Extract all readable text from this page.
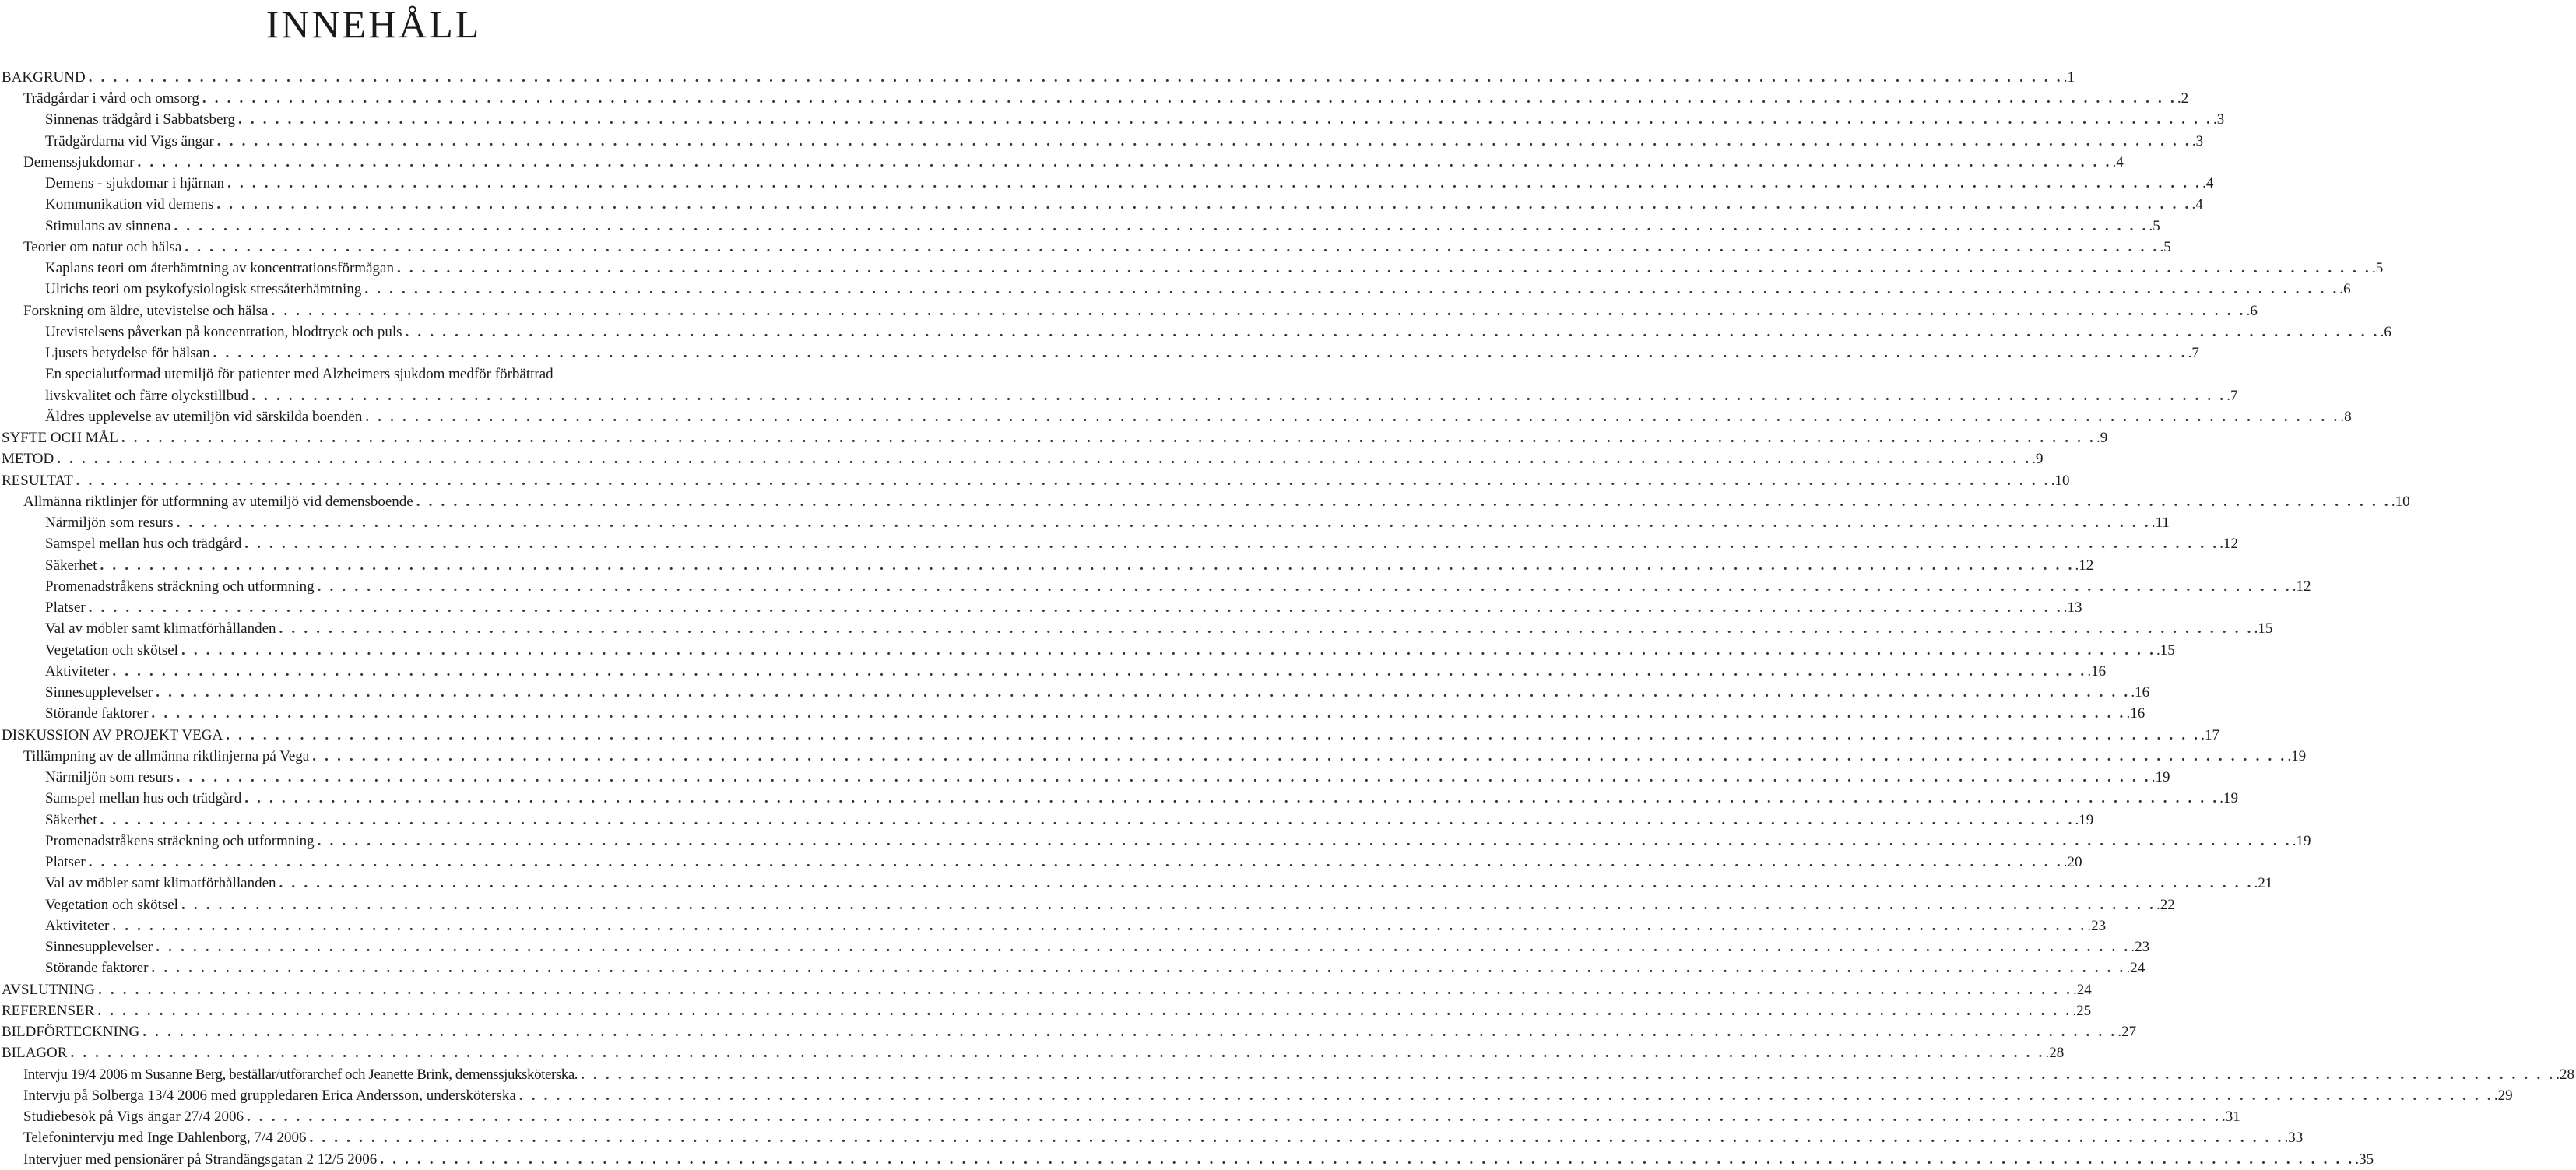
INNEHÅLL
BAKGRUND . . . . . . . . . . . . . . . . . . . . . . . . . . . . . . . . . . . . . . . . . . . . . . . . . . . . . . . . . . . . . . . . . . . . . . . . . . . . . . . . . . . . . . . . . . . . . . . . . . . . . . . . . . . . . . . . . . . . . . . . . . . . . . . . . . . . . . . . . . . . . . . . . . . . . . . . . . . . . . . . .1
Trädgårdar i vård och omsorg . . . . . . . . . . . . . . . . . . . . . . . . . . . . . . . . . . . . . . . . . . . . . . . . . . . . . . . . . . . . . . . . . . . . . . . . . . . . . . . . . . . . . . . . . . . . . . . . . . . . . . . . . . . . . . . . . . . . . . . . . . . . . . . . . . . . . . . . . . . . . . . . . . . . . . . . . . . . . . . . .2
Sinnenas trädgård i Sabbatsberg . . . . . . . . . . . . . . . . . . . . . . . . . . . . . . . . . . . . . . . . . . . . . . . . . . . . . . . . . . . . . . . . . . . . . . . . . . . . . . . . . . . . . . . . . . . . . . . . . . . . . . . . . . . . . . . . . . . . . . . . . . . . . . . . . . . . . . . . . . . . . . . . . . . . . . . . . . . . . . . . .3
Trädgårdarna vid Vigs ängar . . . . . . . . . . . . . . . . . . . . . . . . . . . . . . . . . . . . . . . . . . . . . . . . . . . . . . . . . . . . . . . . . . . . . . . . . . . . . . . . . . . . . . . . . . . . . . . . . . . . . . . . . . . . . . . . . . . . . . . . . . . . . . . . . . . . . . . . . . . . . . . . . . . . . . . . . . . . . . . . .3
Demenssjukdomar . . . . . . . . . . . . . . . . . . . . . . . . . . . . . . . . . . . . . . . . . . . . . . . . . . . . . . . . . . . . . . . . . . . . . . . . . . . . . . . . . . . . . . . . . . . . . . . . . . . . . . . . . . . . . . . . . . . . . . . . . . . . . . . . . . . . . . . . . . . . . . . . . . . . . . . . . . . . . . . . .4
Demens - sjukdomar i hjärnan . . . . . . . . . . . . . . . . . . . . . . . . . . . . . . . . . . . . . . . . . . . . . . . . . . . . . . . . . . . . . . . . . . . . . . . . . . . . . . . . . . . . . . . . . . . . . . . . . . . . . . . . . . . . . . . . . . . . . . . . . . . . . . . . . . . . . . . . . . . . . . . . . . . . . . . . . . . . . . . . .4
Kommunikation vid demens . . . . . . . . . . . . . . . . . . . . . . . . . . . . . . . . . . . . . . . . . . . . . . . . . . . . . . . . . . . . . . . . . . . . . . . . . . . . . . . . . . . . . . . . . . . . . . . . . . . . . . . . . . . . . . . . . . . . . . . . . . . . . . . . . . . . . . . . . . . . . . . . . . . . . . . . . . . . . . . . .4
Stimulans av sinnena . . . . . . . . . . . . . . . . . . . . . . . . . . . . . . . . . . . . . . . . . . . . . . . . . . . . . . . . . . . . . . . . . . . . . . . . . . . . . . . . . . . . . . . . . . . . . . . . . . . . . . . . . . . . . . . . . . . . . . . . . . . . . . . . . . . . . . . . . . . . . . . . . . . . . . . . . . . . . . . . .5
Teorier om natur och hälsa . . . . . . . . . . . . . . . . . . . . . . . . . . . . . . . . . . . . . . . . . . . . . . . . . . . . . . . . . . . . . . . . . . . . . . . . . . . . . . . . . . . . . . . . . . . . . . . . . . . . . . . . . . . . . . . . . . . . . . . . . . . . . . . . . . . . . . . . . . . . . . . . . . . . . . . . . . . . . . . . .5
Kaplans teori om återhämtning av koncentrationsförmågan . . . . . . . . . . . . . . . . . . . . . . . . . . . . . . . . . . . . . . . . . . . . . . . . . . . . . . . . . . . . . . . . . . . . . . . . . . . . . . . . . . . . . . . . . . . . . . . . . . . . . . . . . . . . . . . . . . . . . . . . . . . . . . . . . . . . . . . . . . . . . . . . . . . . . . . . . . . . . . . . .5
Ulrichs teori om psykofysiologisk stressåterhämtning . . . . . . . . . . . . . . . . . . . . . . . . . . . . . . . . . . . . . . . . . . . . . . . . . . . . . . . . . . . . . . . . . . . . . . . . . . . . . . . . . . . . . . . . . . . . . . . . . . . . . . . . . . . . . . . . . . . . . . . . . . . . . . . . . . . . . . . . . . . . . . . . . . . . . . . . . . . . . . . . .6
Forskning om äldre, utevistelse och hälsa . . . . . . . . . . . . . . . . . . . . . . . . . . . . . . . . . . . . . . . . . . . . . . . . . . . . . . . . . . . . . . . . . . . . . . . . . . . . . . . . . . . . . . . . . . . . . . . . . . . . . . . . . . . . . . . . . . . . . . . . . . . . . . . . . . . . . . . . . . . . . . . . . . . . . . . . . . . . . . . . .6
Utevistelsens påverkan på koncentration, blodtryck och puls . . . . . . . . . . . . . . . . . . . . . . . . . . . . . . . . . . . . . . . . . . . . . . . . . . . . . . . . . . . . . . . . . . . . . . . . . . . . . . . . . . . . . . . . . . . . . . . . . . . . . . . . . . . . . . . . . . . . . . . . . . . . . . . . . . . . . . . . . . . . . . . . . . . . . . . . . . . . . . . . .6
Ljusets betydelse för hälsan . . . . . . . . . . . . . . . . . . . . . . . . . . . . . . . . . . . . . . . . . . . . . . . . . . . . . . . . . . . . . . . . . . . . . . . . . . . . . . . . . . . . . . . . . . . . . . . . . . . . . . . . . . . . . . . . . . . . . . . . . . . . . . . . . . . . . . . . . . . . . . . . . . . . . . . . . . . . . . . . .7
En specialutformad utemiljö för patienter med Alzheimers sjukdom medför förbättrad
livskvalitet och färre olyckstillbud . . . . . . . . . . . . . . . . . . . . . . . . . . . . . . . . . . . . . . . . . . . . . . . . . . . . . . . . . . . . . . . . . . . . . . . . . . . . . . . . . . . . . . . . . . . . . . . . . . . . . . . . . . . . . . . . . . . . . . . . . . . . . . . . . . . . . . . . . . . . . . . . . . . . . . . . . . . . . . . . .7
Äldres upplevelse av utemiljön vid särskilda boenden . . . . . . . . . . . . . . . . . . . . . . . . . . . . . . . . . . . . . . . . . . . . . . . . . . . . . . . . . . . . . . . . . . . . . . . . . . . . . . . . . . . . . . . . . . . . . . . . . . . . . . . . . . . . . . . . . . . . . . . . . . . . . . . . . . . . . . . . . . . . . . . . . . . . . . . . . . . . . . . . .8
SYFTE OCH MÅL . . . . . . . . . . . . . . . . . . . . . . . . . . . . . . . . . . . . . . . . . . . . . . . . . . . . . . . . . . . . . . . . . . . . . . . . . . . . . . . . . . . . . . . . . . . . . . . . . . . . . . . . . . . . . . . . . . . . . . . . . . . . . . . . . . . . . . . . . . . . . . . . . . . . . . . . . . . . . . . . .9
METOD . . . . . . . . . . . . . . . . . . . . . . . . . . . . . . . . . . . . . . . . . . . . . . . . . . . . . . . . . . . . . . . . . . . . . . . . . . . . . . . . . . . . . . . . . . . . . . . . . . . . . . . . . . . . . . . . . . . . . . . . . . . . . . . . . . . . . . . . . . . . . . . . . . . . . . . . . . . . . . . . .9
RESULTAT . . . . . . . . . . . . . . . . . . . . . . . . . . . . . . . . . . . . . . . . . . . . . . . . . . . . . . . . . . . . . . . . . . . . . . . . . . . . . . . . . . . . . . . . . . . . . . . . . . . . . . . . . . . . . . . . . . . . . . . . . . . . . . . . . . . . . . . . . . . . . . . . . . . . . . . . . . . . . . . . .10
Allmänna riktlinjer för utformning av utemiljö vid demensboende . . . . . . . . . . . . . . . . . . . . . . . . . . . . . . . . . . . . . . . . . . . . . . . . . . . . . . . . . . . . . . . . . . . . . . . . . . . . . . . . . . . . . . . . . . . . . . . . . . . . . . . . . . . . . . . . . . . . . . . . . . . . . . . . . . . . . . . . . . . . . . . . . . . . . . . . . . . . . . . . .10
Närmiljön som resurs . . . . . . . . . . . . . . . . . . . . . . . . . . . . . . . . . . . . . . . . . . . . . . . . . . . . . . . . . . . . . . . . . . . . . . . . . . . . . . . . . . . . . . . . . . . . . . . . . . . . . . . . . . . . . . . . . . . . . . . . . . . . . . . . . . . . . . . . . . . . . . . . . . . . . . . . . . . . . . . . .11
Samspel mellan hus och trädgård . . . . . . . . . . . . . . . . . . . . . . . . . . . . . . . . . . . . . . . . . . . . . . . . . . . . . . . . . . . . . . . . . . . . . . . . . . . . . . . . . . . . . . . . . . . . . . . . . . . . . . . . . . . . . . . . . . . . . . . . . . . . . . . . . . . . . . . . . . . . . . . . . . . . . . . . . . . . . . . . .12
Säkerhet . . . . . . . . . . . . . . . . . . . . . . . . . . . . . . . . . . . . . . . . . . . . . . . . . . . . . . . . . . . . . . . . . . . . . . . . . . . . . . . . . . . . . . . . . . . . . . . . . . . . . . . . . . . . . . . . . . . . . . . . . . . . . . . . . . . . . . . . . . . . . . . . . . . . . . . . . . . . . . . . .12
Promenadstråkens sträckning och utformning . . . . . . . . . . . . . . . . . . . . . . . . . . . . . . . . . . . . . . . . . . . . . . . . . . . . . . . . . . . . . . . . . . . . . . . . . . . . . . . . . . . . . . . . . . . . . . . . . . . . . . . . . . . . . . . . . . . . . . . . . . . . . . . . . . . . . . . . . . . . . . . . . . . . . . . . . . . . . . . . .12
Platser . . . . . . . . . . . . . . . . . . . . . . . . . . . . . . . . . . . . . . . . . . . . . . . . . . . . . . . . . . . . . . . . . . . . . . . . . . . . . . . . . . . . . . . . . . . . . . . . . . . . . . . . . . . . . . . . . . . . . . . . . . . . . . . . . . . . . . . . . . . . . . . . . . . . . . . . . . . . . . . . .13
Val av möbler samt klimatförhållanden . . . . . . . . . . . . . . . . . . . . . . . . . . . . . . . . . . . . . . . . . . . . . . . . . . . . . . . . . . . . . . . . . . . . . . . . . . . . . . . . . . . . . . . . . . . . . . . . . . . . . . . . . . . . . . . . . . . . . . . . . . . . . . . . . . . . . . . . . . . . . . . . . . . . . . . . . . . . . . . . .15
Vegetation och skötsel . . . . . . . . . . . . . . . . . . . . . . . . . . . . . . . . . . . . . . . . . . . . . . . . . . . . . . . . . . . . . . . . . . . . . . . . . . . . . . . . . . . . . . . . . . . . . . . . . . . . . . . . . . . . . . . . . . . . . . . . . . . . . . . . . . . . . . . . . . . . . . . . . . . . . . . . . . . . . . . . .15
Aktiviteter . . . . . . . . . . . . . . . . . . . . . . . . . . . . . . . . . . . . . . . . . . . . . . . . . . . . . . . . . . . . . . . . . . . . . . . . . . . . . . . . . . . . . . . . . . . . . . . . . . . . . . . . . . . . . . . . . . . . . . . . . . . . . . . . . . . . . . . . . . . . . . . . . . . . . . . . . . . . . . . . .16
Sinnesupplevelser . . . . . . . . . . . . . . . . . . . . . . . . . . . . . . . . . . . . . . . . . . . . . . . . . . . . . . . . . . . . . . . . . . . . . . . . . . . . . . . . . . . . . . . . . . . . . . . . . . . . . . . . . . . . . . . . . . . . . . . . . . . . . . . . . . . . . . . . . . . . . . . . . . . . . . . . . . . . . . . . .16
Störande faktorer . . . . . . . . . . . . . . . . . . . . . . . . . . . . . . . . . . . . . . . . . . . . . . . . . . . . . . . . . . . . . . . . . . . . . . . . . . . . . . . . . . . . . . . . . . . . . . . . . . . . . . . . . . . . . . . . . . . . . . . . . . . . . . . . . . . . . . . . . . . . . . . . . . . . . . . . . . . . . . . . .16
DISKUSSION AV PROJEKT VEGA . . . . . . . . . . . . . . . . . . . . . . . . . . . . . . . . . . . . . . . . . . . . . . . . . . . . . . . . . . . . . . . . . . . . . . . . . . . . . . . . . . . . . . . . . . . . . . . . . . . . . . . . . . . . . . . . . . . . . . . . . . . . . . . . . . . . . . . . . . . . . . . . . . . . . . . . . . . . . . . . .17
Tillämpning av de allmänna riktlinjerna på Vega . . . . . . . . . . . . . . . . . . . . . . . . . . . . . . . . . . . . . . . . . . . . . . . . . . . . . . . . . . . . . . . . . . . . . . . . . . . . . . . . . . . . . . . . . . . . . . . . . . . . . . . . . . . . . . . . . . . . . . . . . . . . . . . . . . . . . . . . . . . . . . . . . . . . . . . . . . . . . . . . .19
Närmiljön som resurs . . . . . . . . . . . . . . . . . . . . . . . . . . . . . . . . . . . . . . . . . . . . . . . . . . . . . . . . . . . . . . . . . . . . . . . . . . . . . . . . . . . . . . . . . . . . . . . . . . . . . . . . . . . . . . . . . . . . . . . . . . . . . . . . . . . . . . . . . . . . . . . . . . . . . . . . . . . . . . . . .19
Samspel mellan hus och trädgård . . . . . . . . . . . . . . . . . . . . . . . . . . . . . . . . . . . . . . . . . . . . . . . . . . . . . . . . . . . . . . . . . . . . . . . . . . . . . . . . . . . . . . . . . . . . . . . . . . . . . . . . . . . . . . . . . . . . . . . . . . . . . . . . . . . . . . . . . . . . . . . . . . . . . . . . . . . . . . . . .19
Säkerhet . . . . . . . . . . . . . . . . . . . . . . . . . . . . . . . . . . . . . . . . . . . . . . . . . . . . . . . . . . . . . . . . . . . . . . . . . . . . . . . . . . . . . . . . . . . . . . . . . . . . . . . . . . . . . . . . . . . . . . . . . . . . . . . . . . . . . . . . . . . . . . . . . . . . . . . . . . . . . . . . .19
Promenadstråkens sträckning och utformning . . . . . . . . . . . . . . . . . . . . . . . . . . . . . . . . . . . . . . . . . . . . . . . . . . . . . . . . . . . . . . . . . . . . . . . . . . . . . . . . . . . . . . . . . . . . . . . . . . . . . . . . . . . . . . . . . . . . . . . . . . . . . . . . . . . . . . . . . . . . . . . . . . . . . . . . . . . . . . . . .19
Platser . . . . . . . . . . . . . . . . . . . . . . . . . . . . . . . . . . . . . . . . . . . . . . . . . . . . . . . . . . . . . . . . . . . . . . . . . . . . . . . . . . . . . . . . . . . . . . . . . . . . . . . . . . . . . . . . . . . . . . . . . . . . . . . . . . . . . . . . . . . . . . . . . . . . . . . . . . . . . . . . .20
Val av möbler samt klimatförhållanden . . . . . . . . . . . . . . . . . . . . . . . . . . . . . . . . . . . . . . . . . . . . . . . . . . . . . . . . . . . . . . . . . . . . . . . . . . . . . . . . . . . . . . . . . . . . . . . . . . . . . . . . . . . . . . . . . . . . . . . . . . . . . . . . . . . . . . . . . . . . . . . . . . . . . . . . . . . . . . . . .21
Vegetation och skötsel . . . . . . . . . . . . . . . . . . . . . . . . . . . . . . . . . . . . . . . . . . . . . . . . . . . . . . . . . . . . . . . . . . . . . . . . . . . . . . . . . . . . . . . . . . . . . . . . . . . . . . . . . . . . . . . . . . . . . . . . . . . . . . . . . . . . . . . . . . . . . . . . . . . . . . . . . . . . . . . . .22
Aktiviteter . . . . . . . . . . . . . . . . . . . . . . . . . . . . . . . . . . . . . . . . . . . . . . . . . . . . . . . . . . . . . . . . . . . . . . . . . . . . . . . . . . . . . . . . . . . . . . . . . . . . . . . . . . . . . . . . . . . . . . . . . . . . . . . . . . . . . . . . . . . . . . . . . . . . . . . . . . . . . . . . .23
Sinnesupplevelser . . . . . . . . . . . . . . . . . . . . . . . . . . . . . . . . . . . . . . . . . . . . . . . . . . . . . . . . . . . . . . . . . . . . . . . . . . . . . . . . . . . . . . . . . . . . . . . . . . . . . . . . . . . . . . . . . . . . . . . . . . . . . . . . . . . . . . . . . . . . . . . . . . . . . . . . . . . . . . . . .23
Störande faktorer . . . . . . . . . . . . . . . . . . . . . . . . . . . . . . . . . . . . . . . . . . . . . . . . . . . . . . . . . . . . . . . . . . . . . . . . . . . . . . . . . . . . . . . . . . . . . . . . . . . . . . . . . . . . . . . . . . . . . . . . . . . . . . . . . . . . . . . . . . . . . . . . . . . . . . . . . . . . . . . . .24
AVSLUTNING . . . . . . . . . . . . . . . . . . . . . . . . . . . . . . . . . . . . . . . . . . . . . . . . . . . . . . . . . . . . . . . . . . . . . . . . . . . . . . . . . . . . . . . . . . . . . . . . . . . . . . . . . . . . . . . . . . . . . . . . . . . . . . . . . . . . . . . . . . . . . . . . . . . . . . . . . . . . . . . . .24
REFERENSER . . . . . . . . . . . . . . . . . . . . . . . . . . . . . . . . . . . . . . . . . . . . . . . . . . . . . . . . . . . . . . . . . . . . . . . . . . . . . . . . . . . . . . . . . . . . . . . . . . . . . . . . . . . . . . . . . . . . . . . . . . . . . . . . . . . . . . . . . . . . . . . . . . . . . . . . . . . . . . . . .25
BILDFÖRTECKNING . . . . . . . . . . . . . . . . . . . . . . . . . . . . . . . . . . . . . . . . . . . . . . . . . . . . . . . . . . . . . . . . . . . . . . . . . . . . . . . . . . . . . . . . . . . . . . . . . . . . . . . . . . . . . . . . . . . . . . . . . . . . . . . . . . . . . . . . . . . . . . . . . . . . . . . . . . . . . . . . .27
BILAGOR . . . . . . . . . . . . . . . . . . . . . . . . . . . . . . . . . . . . . . . . . . . . . . . . . . . . . . . . . . . . . . . . . . . . . . . . . . . . . . . . . . . . . . . . . . . . . . . . . . . . . . . . . . . . . . . . . . . . . . . . . . . . . . . . . . . . . . . . . . . . . . . . . . . . . . . . . . . . . . . . .28
Intervju 19/4 2006 m Susanne Berg, beställar/utförarchef och Jeanette Brink, demenssjuksköterska. . . . . . . . . . . . . . . . . . . . . . . . . . . . . . . . . . . . . . . . . . . . . . . . . . . . . . . . . . . . . . . . . . . . . . . . . . . . . . . . . . . . . . . . . . . . . . . . . . . . . . . . . . . . . . . . . . . . . . . . . . . . . . . . . . . . . . . . . . . . . . . . . . . . . . . . . . . . . . . . . .28
Intervju på Solberga 13/4 2006 med gruppledaren Erica Andersson, undersköterska . . . . . . . . . . . . . . . . . . . . . . . . . . . . . . . . . . . . . . . . . . . . . . . . . . . . . . . . . . . . . . . . . . . . . . . . . . . . . . . . . . . . . . . . . . . . . . . . . . . . . . . . . . . . . . . . . . . . . . . . . . . . . . . . . . . . . . . . . . . . . . . . . . . . . . . . . . . . . . . . .29
Studiebesök på Vigs ängar 27/4 2006 . . . . . . . . . . . . . . . . . . . . . . . . . . . . . . . . . . . . . . . . . . . . . . . . . . . . . . . . . . . . . . . . . . . . . . . . . . . . . . . . . . . . . . . . . . . . . . . . . . . . . . . . . . . . . . . . . . . . . . . . . . . . . . . . . . . . . . . . . . . . . . . . . . . . . . . . . . . . . . . . .31
Telefonintervju med Inge Dahlenborg, 7/4 2006 . . . . . . . . . . . . . . . . . . . . . . . . . . . . . . . . . . . . . . . . . . . . . . . . . . . . . . . . . . . . . . . . . . . . . . . . . . . . . . . . . . . . . . . . . . . . . . . . . . . . . . . . . . . . . . . . . . . . . . . . . . . . . . . . . . . . . . . . . . . . . . . . . . . . . . . . . . . . . . . . .33
Intervjuer med pensionärer på Strandängsgatan 2 12/5 2006 . . . . . . . . . . . . . . . . . . . . . . . . . . . . . . . . . . . . . . . . . . . . . . . . . . . . . . . . . . . . . . . . . . . . . . . . . . . . . . . . . . . . . . . . . . . . . . . . . . . . . . . . . . . . . . . . . . . . . . . . . . . . . . . . . . . . . . . . . . . . . . . . . . . . . . . . . . . . . . . . .35
